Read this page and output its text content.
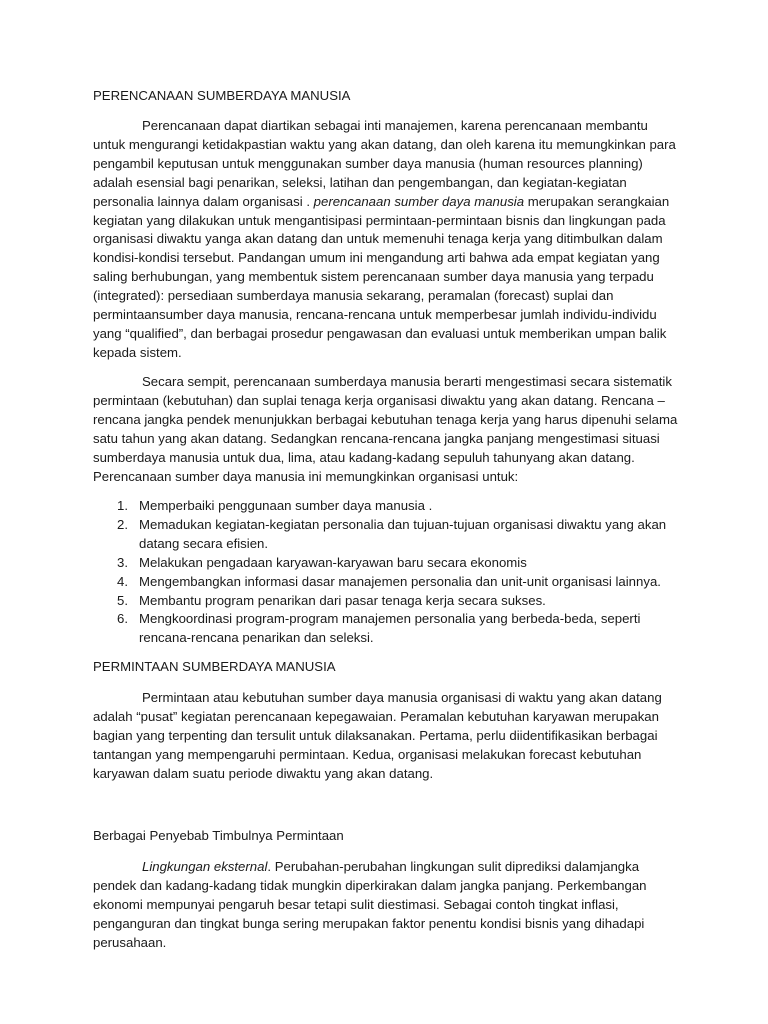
PERENCANAAN SUMBERDAYA MANUSIA

Perencanaan dapat diartikan sebagai inti manajemen, karena perencanaan membantu untuk mengurangi ketidakpastian waktu yang akan datang, dan oleh karena itu memungkinkan para pengambil keputusan untuk menggunakan sumber daya manusia (human resources planning) adalah esensial bagi penarikan, seleksi, latihan dan pengembangan, dan kegiatan-kegiatan personalia lainnya dalam organisasi . perencanaan sumber daya manusia merupakan serangkaian kegiatan yang dilakukan untuk mengantisipasi permintaan-permintaan bisnis dan lingkungan pada organisasi diwaktu yanga akan datang dan untuk memenuhi tenaga kerja yang ditimbulkan dalam kondisi-kondisi tersebut. Pandangan umum ini mengandung arti bahwa ada empat kegiatan yang saling berhubungan, yang membentuk sistem perencanaan sumber daya manusia yang terpadu (integrated): persediaan sumberdaya manusia sekarang, peramalan (forecast) suplai dan permintaansumber daya manusia, rencana-rencana untuk memperbesar jumlah individu-individu yang “qualified”, dan berbagai prosedur pengawasan dan evaluasi untuk memberikan umpan balik kepada sistem.

Secara sempit, perencanaan sumberdaya manusia berarti mengestimasi secara sistematik permintaan (kebutuhan) dan suplai tenaga kerja organisasi diwaktu yang akan datang. Rencana – rencana jangka pendek menunjukkan berbagai kebutuhan tenaga kerja yang harus dipenuhi selama satu tahun yang akan datang. Sedangkan rencana-rencana jangka panjang mengestimasi situasi sumberdaya manusia untuk dua, lima, atau kadang-kadang sepuluh tahunyang akan datang. Perencanaan sumber daya manusia ini memungkinkan organisasi untuk:

1. Memperbaiki penggunaan sumber daya manusia .
2. Memadukan kegiatan-kegiatan personalia dan tujuan-tujuan organisasi diwaktu yang akan datang secara efisien.
3. Melakukan pengadaan karyawan-karyawan baru secara ekonomis
4. Mengembangkan informasi dasar manajemen personalia dan unit-unit organisasi lainnya.
5. Membantu program penarikan dari pasar tenaga kerja secara sukses.
6. Mengkoordinasi program-program manajemen personalia yang berbeda-beda, seperti rencana-rencana penarikan dan seleksi.

PERMINTAAN SUMBERDAYA MANUSIA

Permintaan atau kebutuhan sumber daya manusia organisasi di waktu yang akan datang adalah “pusat” kegiatan perencanaan kepegawaian. Peramalan kebutuhan karyawan merupakan bagian yang terpenting dan tersulit untuk dilaksanakan. Pertama, perlu diidentifikasikan berbagai tantangan yang mempengaruhi permintaan. Kedua, organisasi melakukan forecast kebutuhan karyawan dalam suatu periode diwaktu yang akan datang.

Berbagai Penyebab Timbulnya Permintaan

Lingkungan eksternal. Perubahan-perubahan lingkungan sulit diprediksi dalamjangka pendek dan kadang-kadang tidak mungkin diperkirakan dalam jangka panjang. Perkembangan ekonomi mempunyai pengaruh besar tetapi sulit diestimasi. Sebagai contoh tingkat inflasi, penganguran dan tingkat bunga sering merupakan faktor penentu kondisi bisnis yang dihadapi perusahaan.
